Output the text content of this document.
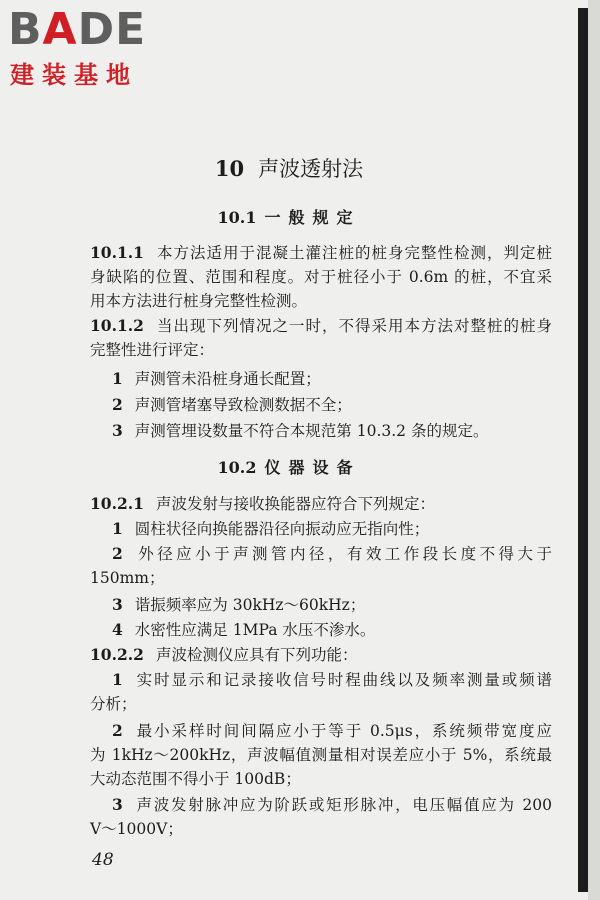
BADE
建装基地
10 声波透射法
10.1 一般规定
10.1.1 本方法适用于混凝土灌注桩的桩身完整性检测，判定桩
身缺陷的位置、范围和程度。对于桩径小于 0.6m 的桩，不宜采
用本方法进行桩身完整性检测。
10.1.2 当出现下列情况之一时，不得采用本方法对整桩的桩身
完整性进行评定：
1 声测管未沿桩身通长配置；
2 声测管堵塞导致检测数据不全；
3 声测管埋设数量不符合本规范第 10.3.2 条的规定。
10.2 仪器设备
10.2.1 声波发射与接收换能器应符合下列规定：
1 圆柱状径向换能器沿径向振动应无指向性；
2 外径应小于声测管内径，有效工作段长度不得大于
150mm；
3 谐振频率应为 30kHz～60kHz；
4 水密性应满足 1MPa 水压不渗水。
10.2.2 声波检测仪应具有下列功能：
1 实时显示和记录接收信号时程曲线以及频率测量或频谱
分析；
2 最小采样时间间隔应小于等于 0.5μs，系统频带宽度应
为 1kHz～200kHz，声波幅值测量相对误差应小于 5%，系统最
大动态范围不得小于 100dB；
3 声波发射脉冲应为阶跃或矩形脉冲，电压幅值应为 200
V～1000V；
48
